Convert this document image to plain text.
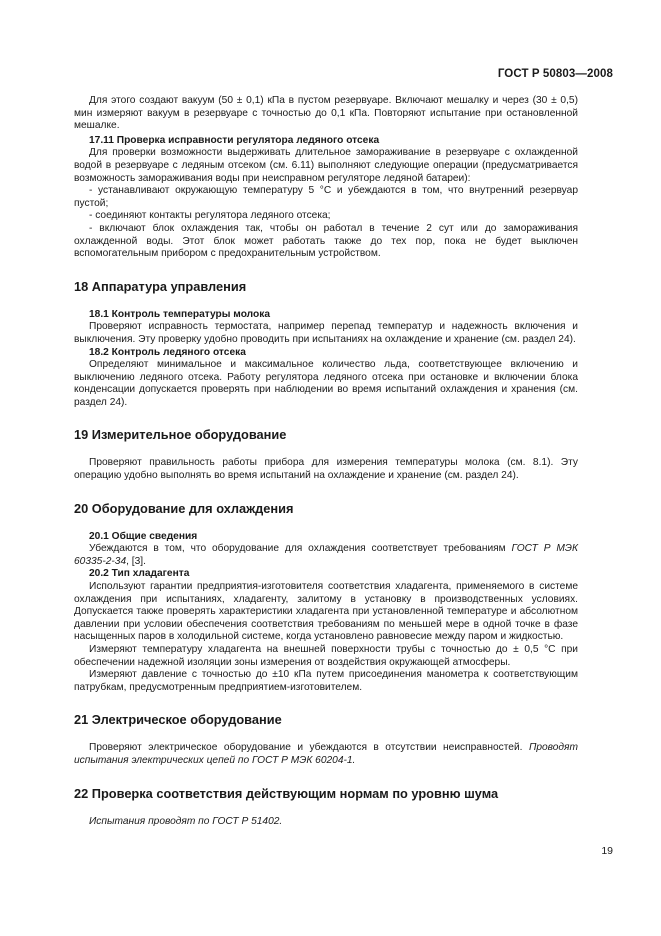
ГОСТ Р 50803—2008

Для этого создают вакуум (50 ± 0,1) кПа в пустом резервуаре. Включают мешалку и через (30 ± 0,5) мин измеряют вакуум в резервуаре с точностью до 0,1 кПа. Повторяют испытание при остановленной мешалке.

17.11 Проверка исправности регулятора ледяного отсека

Для проверки возможности выдерживать длительное замораживание в резервуаре с охлажденной водой в резервуаре с ледяным отсеком (см. 6.11) выполняют следующие операции (предусматривается возможность замораживания воды при неисправном регуляторе ледяной батареи):

- устанавливают окружающую температуру 5 °С и убеждаются в том, что внутренний резервуар пустой;

- соединяют контакты регулятора ледяного отсека;

- включают блок охлаждения так, чтобы он работал в течение 2 сут или до замораживания охлажденной воды. Этот блок может работать также до тех пор, пока не будет выключен вспомогательным прибором с предохранительным устройством.

18 Аппаратура управления

18.1 Контроль температуры молока

Проверяют исправность термостата, например перепад температур и надежность включения и выключения. Эту проверку удобно проводить при испытаниях на охлаждение и хранение (см. раздел 24).

18.2 Контроль ледяного отсека

Определяют минимальное и максимальное количество льда, соответствующее включению и выключению ледяного отсека. Работу регулятора ледяного отсека при остановке и включении блока конденсации допускается проверять при наблюдении во время испытаний охлаждения и хранения (см. раздел 24).

19 Измерительное оборудование

Проверяют правильность работы прибора для измерения температуры молока (см. 8.1). Эту операцию удобно выполнять во время испытаний на охлаждение и хранение (см. раздел 24).

20 Оборудование для охлаждения

20.1 Общие сведения

Убеждаются в том, что оборудование для охлаждения соответствует требованиям ГОСТ Р МЭК 60335-2-34, [3].

20.2 Тип хладагента

Используют гарантии предприятия-изготовителя соответствия хладагента, применяемого в системе охлаждения при испытаниях, хладагенту, залитому в установку в производственных условиях. Допускается также проверять характеристики хладагента при установленной температуре и абсолютном давлении при условии обеспечения соответствия требованиям по меньшей мере в одной точке в фазе насыщенных паров в холодильной системе, когда установлено равновесие между паром и жидкостью.

Измеряют температуру хладагента на внешней поверхности трубы с точностью до ± 0,5 °С при обеспечении надежной изоляции зоны измерения от воздействия окружающей атмосферы.

Измеряют давление с точностью до ±10 кПа путем присоединения манометра к соответствующим патрубкам, предусмотренным предприятием-изготовителем.

21 Электрическое оборудование

Проверяют электрическое оборудование и убеждаются в отсутствии неисправностей. Проводят испытания электрических цепей по ГОСТ Р МЭК 60204-1.

22 Проверка соответствия действующим нормам по уровню шума

Испытания проводят по ГОСТ Р 51402.

19
